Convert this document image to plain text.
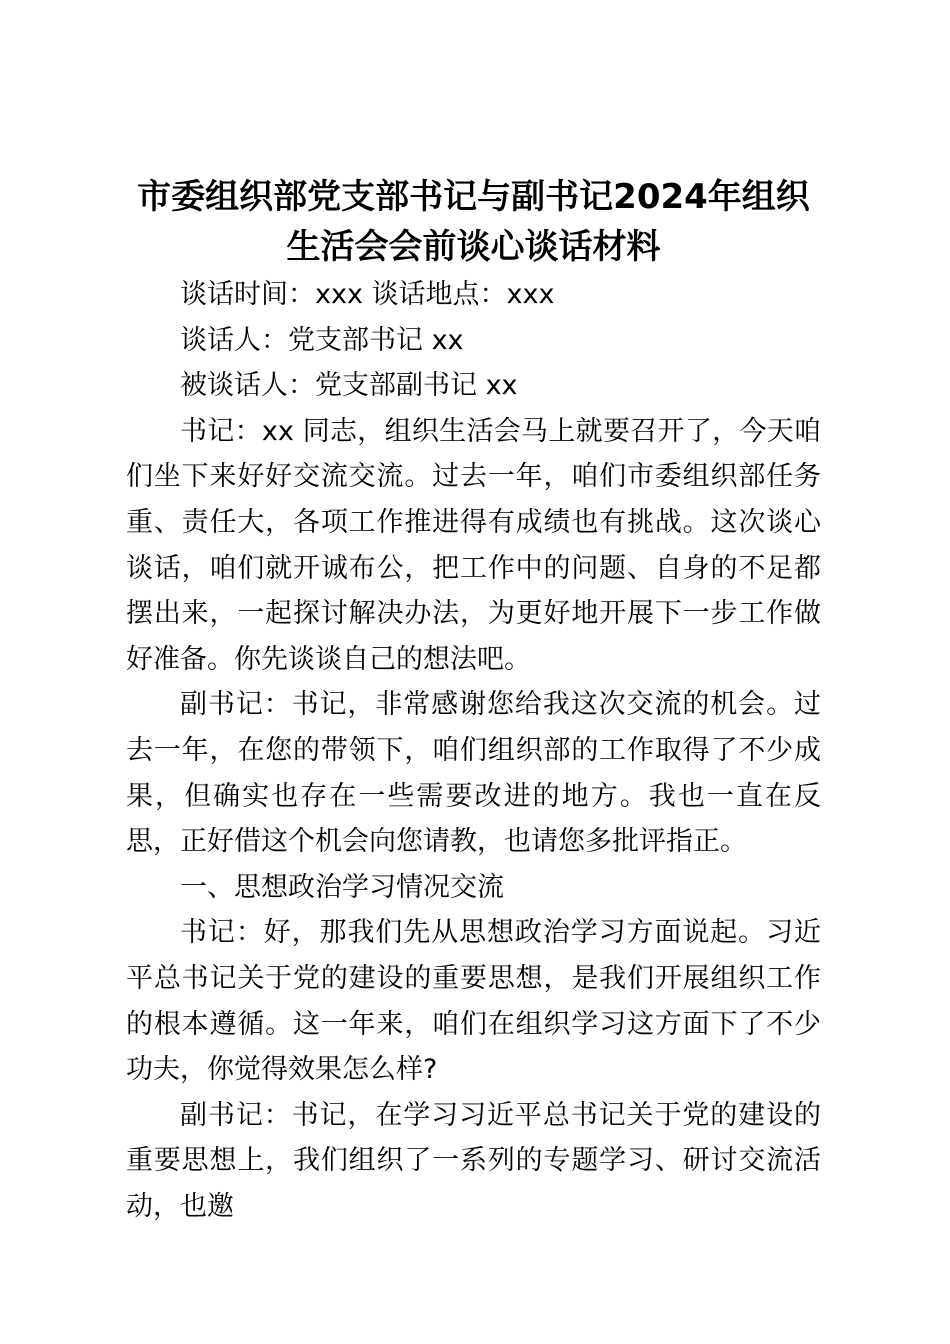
市委组织部党支部书记与副书记2024年组织
生活会会前谈心谈话材料

谈话时间：xxx 谈话地点：xxx

谈话人：党支部书记 xx

被谈话人：党支部副书记 xx

书记：xx 同志，组织生活会马上就要召开了，今天咱们坐下来好好交流交流。过去一年，咱们市委组织部任务重、责任大，各项工作推进得有成绩也有挑战。这次谈心谈话，咱们就开诚布公，把工作中的问题、自身的不足都摆出来，一起探讨解决办法，为更好地开展下一步工作做好准备。你先谈谈自己的想法吧。

副书记：书记，非常感谢您给我这次交流的机会。过去一年，在您的带领下，咱们组织部的工作取得了不少成果，但确实也存在一些需要改进的地方。我也一直在反思，正好借这个机会向您请教，也请您多批评指正。

一、思想政治学习情况交流

书记：好，那我们先从思想政治学习方面说起。习近平总书记关于党的建设的重要思想，是我们开展组织工作的根本遵循。这一年来，咱们在组织学习这方面下了不少功夫，你觉得效果怎么样?

副书记：书记，在学习习近平总书记关于党的建设的重要思想上，我们组织了一系列的专题学习、研讨交流活动，也邀
